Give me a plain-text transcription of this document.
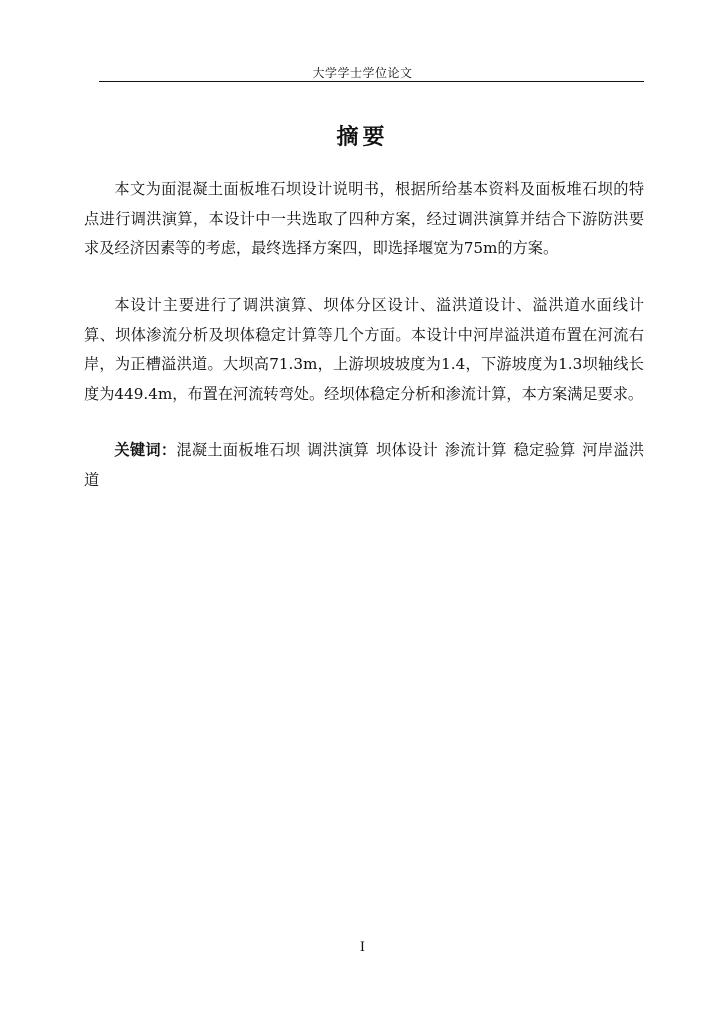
大学学士学位论文
摘要

本文为面混凝土面板堆石坝设计说明书，根据所给基本资料及面板堆石坝的特点进行调洪演算，本设计中一共选取了四种方案，经过调洪演算并结合下游防洪要求及经济因素等的考虑，最终选择方案四，即选择堰宽为75m的方案。

本设计主要进行了调洪演算、坝体分区设计、溢洪道设计、溢洪道水面线计算、坝体渗流分析及坝体稳定计算等几个方面。本设计中河岸溢洪道布置在河流右岸，为正槽溢洪道。大坝高71.3m，上游坝坡坡度为1.4，下游坡度为1.3坝轴线长度为449.4m，布置在河流转弯处。经坝体稳定分析和渗流计算，本方案满足要求。

关键词：混凝土面板堆石坝 调洪演算 坝体设计 渗流计算 稳定验算 河岸溢洪道

I
